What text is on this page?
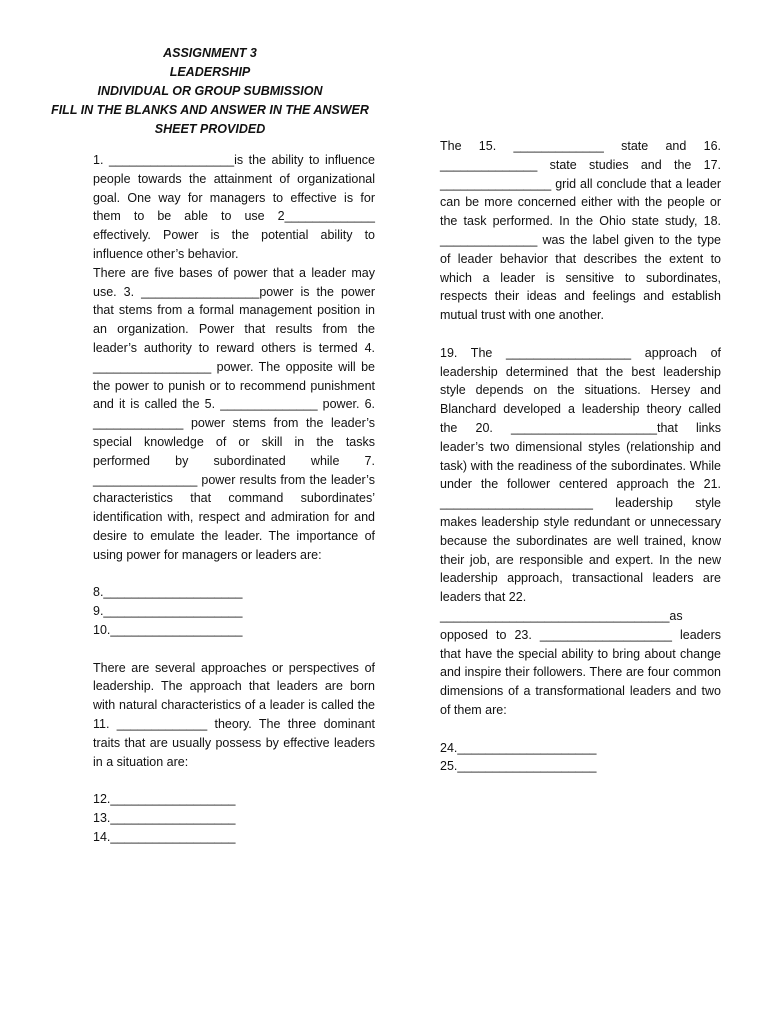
ASSIGNMENT 3
LEADERSHIP
INDIVIDUAL OR GROUP SUBMISSION
FILL IN THE BLANKS AND ANSWER IN THE ANSWER
SHEET PROVIDED

1. __________________is the ability to influence people towards the attainment of organizational goal. One way for managers to effective is for them to be able to use 2_____________ effectively. Power is the potential ability to influence other’s behavior.

There are five bases of power that a leader may use. 3. _________________power is the power that stems from a formal management position in an organization. Power that results from the leader’s authority to reward others is termed 4. _________________ power. The opposite will be the power to punish or to recommend punishment and it is called the 5. ______________ power. 6. _____________ power stems from the leader’s special knowledge of or skill in the tasks performed by subordinated while 7. _______________ power results from the leader’s characteristics that command subordinates’ identification with, respect and admiration for and desire to emulate the leader. The importance of using power for managers or leaders are:

8.____________________
9.____________________
10.___________________

There are several approaches or perspectives of leadership. The approach that leaders are born with natural characteristics of a leader is called the 11. _____________ theory. The three dominant traits that are usually possess by effective leaders in a situation are:

12.__________________
13.__________________
14.__________________

The 15. _____________ state and 16. ______________ state studies and the 17. ________________ grid all conclude that a leader can be more concerned either with the people or the task performed. In the Ohio state study, 18. ______________ was the label given to the type of leader behavior that describes the extent to which a leader is sensitive to subordinates, respects their ideas and feelings and establish mutual trust with one another.

19. The __________________ approach of leadership determined that the best leadership style depends on the situations. Hersey and Blanchard developed a leadership theory called the 20. _____________________that links leader’s two dimensional styles (relationship and task) with the readiness of the subordinates. While under the follower centered approach the 21. ______________________ leadership style makes leadership style redundant or unnecessary because the subordinates are well trained, know their job, are responsible and expert. In the new leadership approach, transactional leaders are leaders that 22.

_________________________________as

opposed to 23. ___________________ leaders that have the special ability to bring about change and inspire their followers. There are four common dimensions of a transformational leaders and two of them are:

24.____________________
25.____________________
